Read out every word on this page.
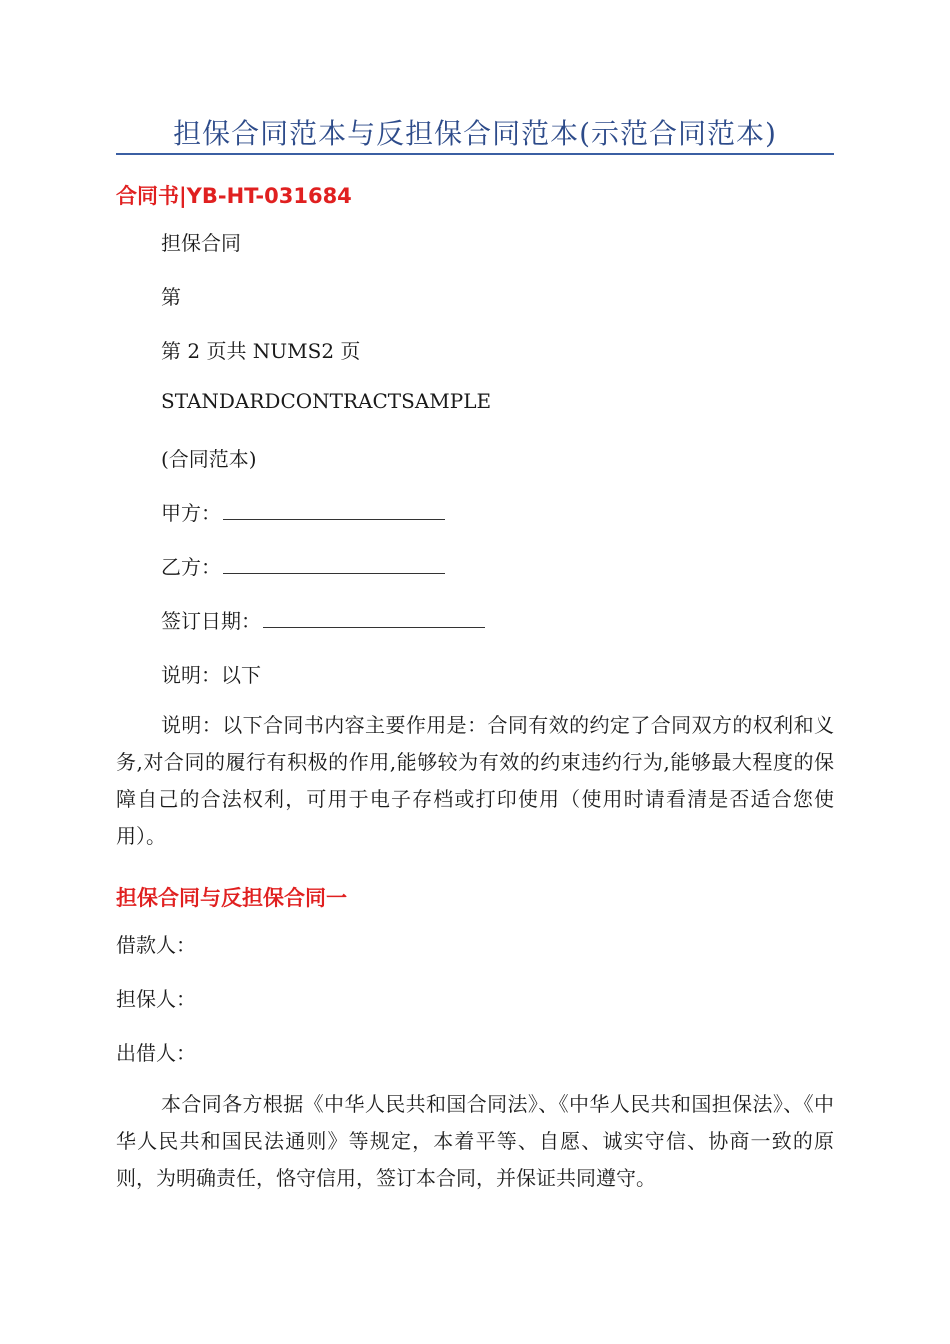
担保合同范本与反担保合同范本(示范合同范本)
合同书|YB-HT-031684

担保合同

第

第 2 页共 NUMS2 页

STANDARDCONTRACTSAMPLE

(合同范本)

甲方：

乙方：

签订日期：

说明：以下

说明：以下合同书内容主要作用是：合同有效的约定了合同双方的权利和义务,对合同的履行有积极的作用,能够较为有效的约束违约行为,能够最大程度的保障自己的合法权利，可用于电子存档或打印使用（使用时请看清是否适合您使用）。

担保合同与反担保合同一

借款人：

担保人：

出借人：

本合同各方根据《中华人民共和国合同法》、《中华人民共和国担保法》、《中华人民共和国民法通则》等规定，本着平等、自愿、诚实守信、协商一致的原则，为明确责任，恪守信用，签订本合同，并保证共同遵守。
